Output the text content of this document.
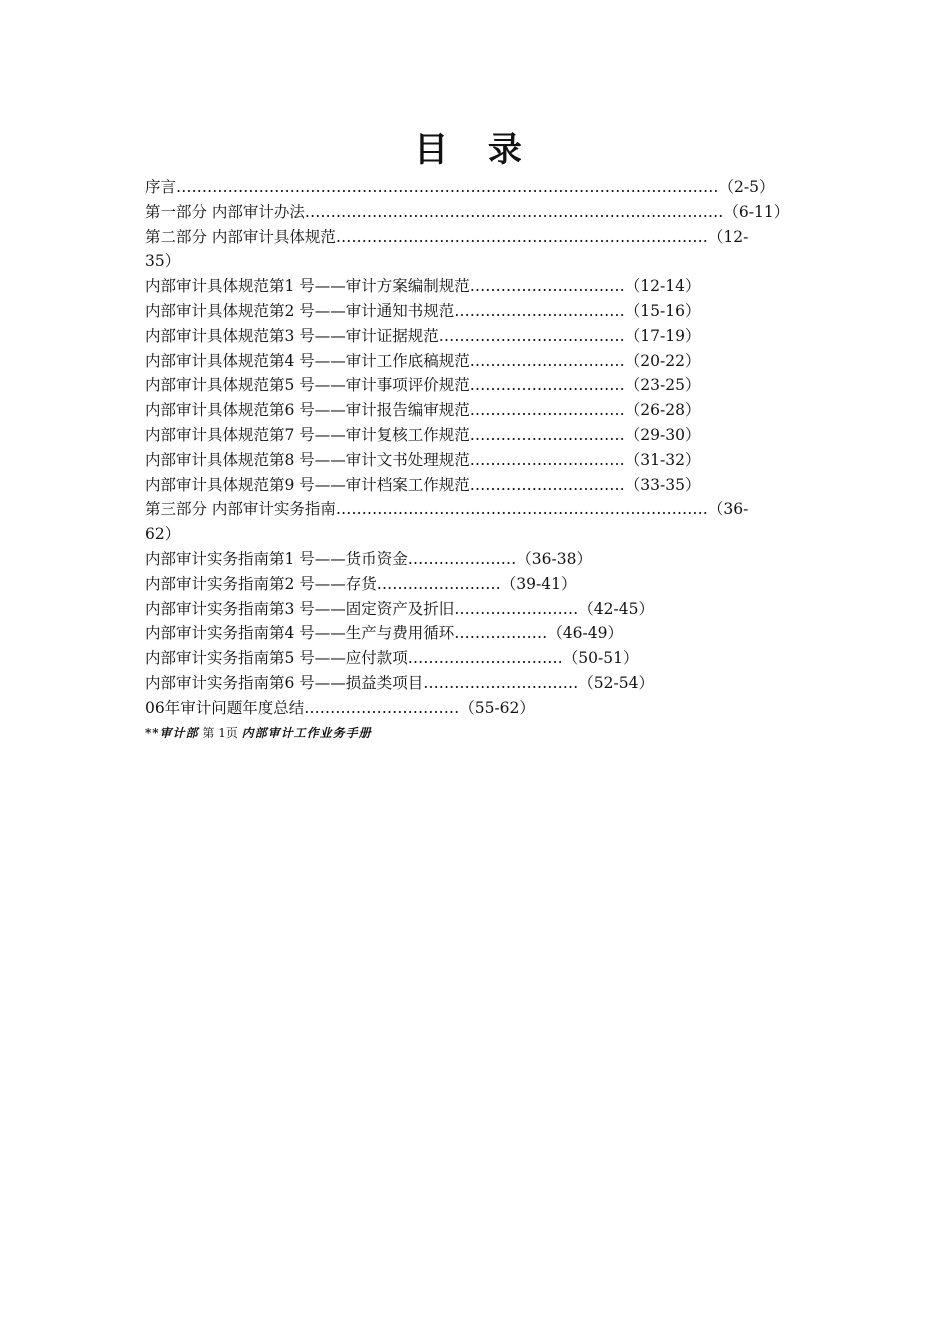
目 录
序言……………………………………………………………………………………………（2-5）
第一部分 内部审计办法………………………………………………………………………（6-11）
第二部分 内部审计具体规范………………………………………………………………（12-
35）
内部审计具体规范第1 号——审计方案编制规范…………………………（12-14）
内部审计具体规范第2 号——审计通知书规范……………………………（15-16）
内部审计具体规范第3 号——审计证据规范………………………………（17-19）
内部审计具体规范第4 号——审计工作底稿规范…………………………（20-22）
内部审计具体规范第5 号——审计事项评价规范…………………………（23-25）
内部审计具体规范第6 号——审计报告编审规范…………………………（26-28）
内部审计具体规范第7 号——审计复核工作规范…………………………（29-30）
内部审计具体规范第8 号——审计文书处理规范…………………………（31-32）
内部审计具体规范第9 号——审计档案工作规范…………………………（33-35）
第三部分 内部审计实务指南………………………………………………………………（36-
62）
内部审计实务指南第1 号——货币资金…………………（36-38）
内部审计实务指南第2 号——存货……………………（39-41）
内部审计实务指南第3 号——固定资产及折旧……………………（42-45）
内部审计实务指南第4 号——生产与费用循环………………（46-49）
内部审计实务指南第5 号——应付款项…………………………（50-51）
内部审计实务指南第6 号——损益类项目…………………………（52-54）
06年审计问题年度总结…………………………（55-62）
**审计部 第 1页 内部审计工作业务手册
